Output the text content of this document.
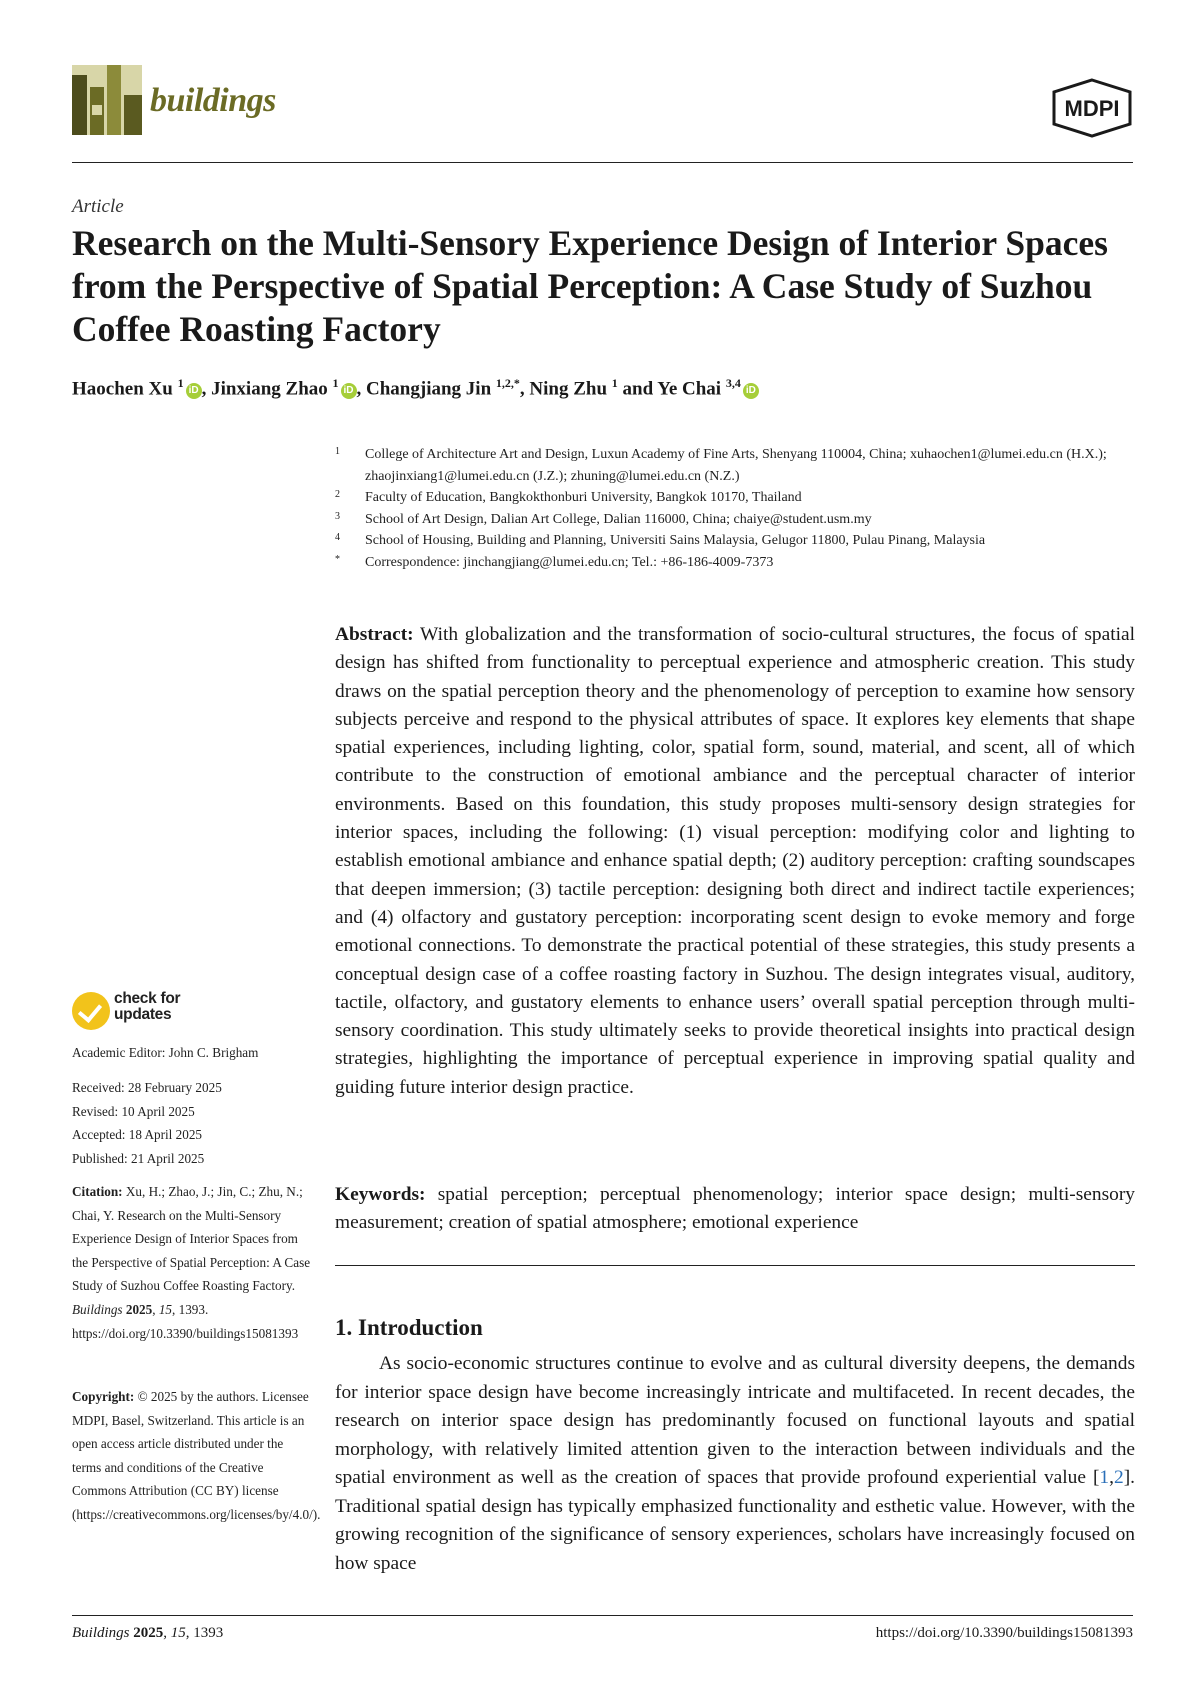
buildings	MDPI
Article
Research on the Multi-Sensory Experience Design of Interior Spaces from the Perspective of Spatial Perception: A Case Study of Suzhou Coffee Roasting Factory
Haochen Xu $^1$iD , Jinxiang Zhao $^1$iD , Changjiang Jin $^{1,2,*}$, Ning Zhu $^1$ and Ye Chai $^{3,4}$iD
1 College of Architecture Art and Design, Luxun Academy of Fine Arts, Shenyang 110004, China; xuhaochen1@lumei.edu.cn (H.X.); zhaojinxiang1@lumei.edu.cn (J.Z.); zhuning@lumei.edu.cn (N.Z.)
2 Faculty of Education, Bangkokthonburi University, Bangkok 10170, Thailand
3 School of Art Design, Dalian Art College, Dalian 116000, China; chaiye@student.usm.my
4 School of Housing, Building and Planning, Universiti Sains Malaysia, Gelugor 11800, Pulau Pinang, Malaysia
* Correspondence: jinchangjiang@lumei.edu.cn; Tel.: +86-186-4009-7373
Abstract: With globalization and the transformation of socio-cultural structures, the focus of spatial design has shifted from functionality to perceptual experience and atmospheric creation. This study draws on the spatial perception theory and the phenomenology of perception to examine how sensory subjects perceive and respond to the physical attributes of space. It explores key elements that shape spatial experiences, including lighting, color, spatial form, sound, material, and scent, all of which contribute to the construction of emotional ambiance and the perceptual character of interior environments. Based on this foundation, this study proposes multi-sensory design strategies for interior spaces, including the following: (1) visual perception: modifying color and lighting to establish emotional ambiance and enhance spatial depth; (2) auditory perception: crafting soundscapes that deepen immersion; (3) tactile perception: designing both direct and indirect tactile experiences; and (4) olfactory and gustatory perception: incorporating scent design to evoke memory and forge emotional connections. To demonstrate the practical potential of these strategies, this study presents a conceptual design case of a coffee roasting factory in Suzhou. The design integrates visual, auditory, tactile, olfactory, and gustatory elements to enhance users’ overall spatial perception through multi-sensory coordination. This study ultimately seeks to provide theoretical insights into practical design strategies, highlighting the importance of perceptual experience in improving spatial quality and guiding future interior design practice.
Keywords: spatial perception; perceptual phenomenology; interior space design; multi-sensory measurement; creation of spatial atmosphere; emotional experience
1. Introduction
As socio-economic structures continue to evolve and as cultural diversity deepens, the demands for interior space design have become increasingly intricate and multifaceted. In recent decades, the research on interior space design has predominantly focused on functional layouts and spatial morphology, with relatively limited attention given to the interaction between individuals and the spatial environment as well as the creation of spaces that provide profound experiential value [1,2]. Traditional spatial design has typically emphasized functionality and esthetic value. However, with the growing recognition of the significance of sensory experiences, scholars have increasingly focused on how space
check for
updates
Academic Editor: John C. Brigham
Received: 28 February 2025
Revised: 10 April 2025
Accepted: 18 April 2025
Published: 21 April 2025
Citation: Xu, H.; Zhao, J.; Jin, C.; Zhu, N.; Chai, Y. Research on the Multi-Sensory Experience Design of Interior Spaces from the Perspective of Spatial Perception: A Case Study of Suzhou Coffee Roasting Factory. Buildings 2025, 15, 1393. https://doi.org/10.3390/buildings15081393
Copyright: © 2025 by the authors. Licensee MDPI, Basel, Switzerland. This article is an open access article distributed under the terms and conditions of the Creative Commons Attribution (CC BY) license (https://creativecommons.org/licenses/by/4.0/).
Buildings 2025, 15, 1393	https://doi.org/10.3390/buildings15081393
